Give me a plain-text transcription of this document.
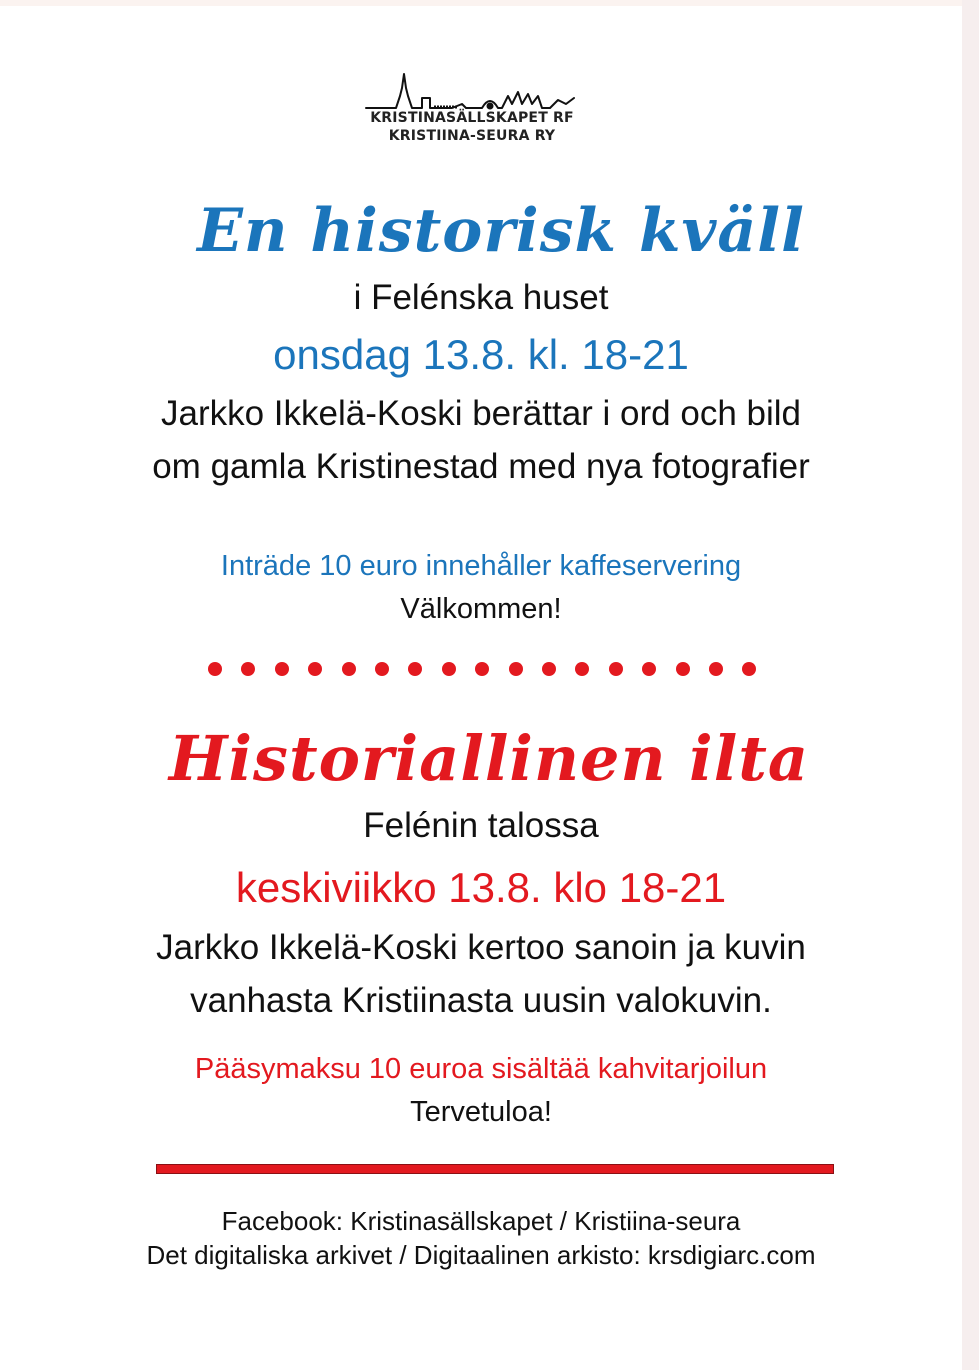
KRISTINASÄLLSKAPET RF
KRISTIINA-SEURA RY
En historisk kväll
i Felénska huset
onsdag 13.8. kl. 18-21
Jarkko Ikkelä-Koski berättar i ord och bild
om gamla Kristinestad med nya fotografier
Inträde 10 euro innehåller kaffeservering
Välkommen!
Historiallinen ilta
Felénin talossa
keskiviikko 13.8. klo 18-21
Jarkko Ikkelä-Koski kertoo sanoin ja kuvin
vanhasta Kristiinasta uusin valokuvin.
Pääsymaksu 10 euroa sisältää kahvitarjoilun
Tervetuloa!
Facebook: Kristinasällskapet / Kristiina-seura
Det digitaliska arkivet / Digitaalinen arkisto: krsdigiarc.com
